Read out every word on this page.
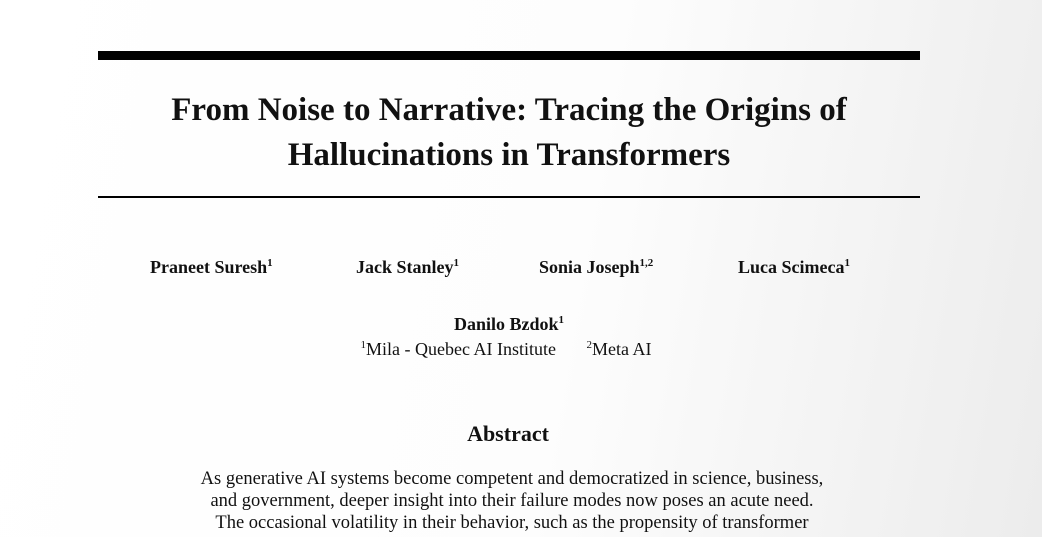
From Noise to Narrative: Tracing the Origins of
Hallucinations in Transformers
Praneet Suresh$^1$	Jack Stanley$^1$	Sonia Joseph$^{1,2}$	Luca Scimeca$^1$
Danilo Bzdok$^1$
$^1$Mila - Quebec AI Institute	$^2$Meta AI
Abstract
As generative AI systems become competent and democratized in science, business,
and government, deeper insight into their failure modes now poses an acute need.
The occasional volatility in their behavior, such as the propensity of transformer
